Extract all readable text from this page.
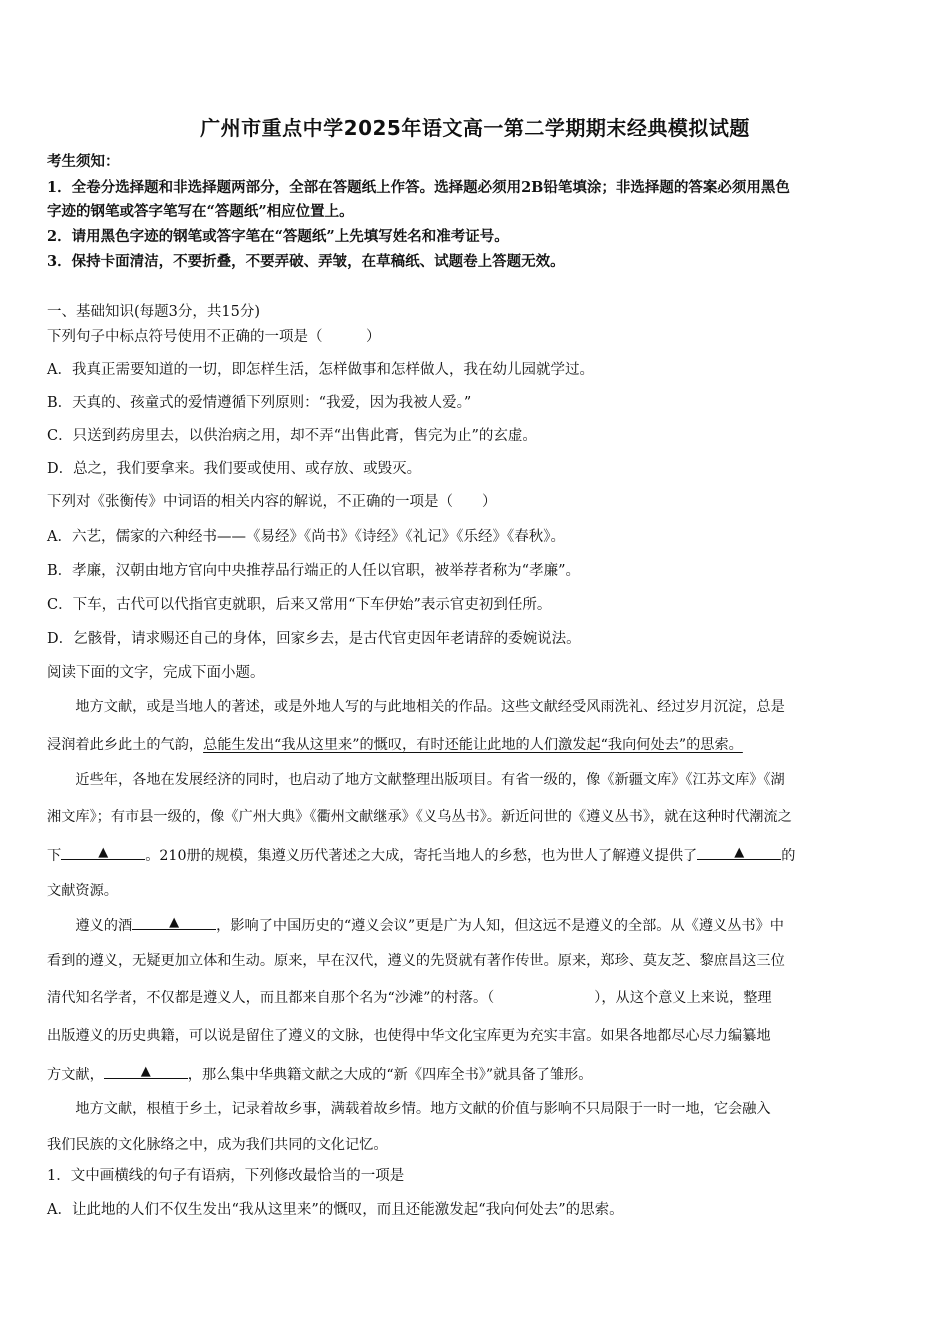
广州市重点中学2025年语文高一第二学期期末经典模拟试题
考生须知：
1．全卷分选择题和非选择题两部分，全部在答题纸上作答。选择题必须用2B铅笔填涂；非选择题的答案必须用黑色
字迹的钢笔或答字笔写在“答题纸”相应位置上。
2．请用黑色字迹的钢笔或答字笔在“答题纸”上先填写姓名和准考证号。
3．保持卡面清洁，不要折叠，不要弄破、弄皱，在草稿纸、试题卷上答题无效。
一、基础知识(每题3分，共15分)
下列句子中标点符号使用不正确的一项是（　　　）
A．我真正需要知道的一切，即怎样生活，怎样做事和怎样做人，我在幼儿园就学过。
B．天真的、孩童式的爱情遵循下列原则：“我爱，因为我被人爱。”
C．只送到药房里去，以供治病之用，却不弄“出售此膏，售完为止”的玄虚。
D．总之，我们要拿来。我们要或使用、或存放、或毁灭。
下列对《张衡传》中词语的相关内容的解说，不正确的一项是（　　）
A．六艺，儒家的六种经书——《易经》《尚书》《诗经》《礼记》《乐经》《春秋》。
B．孝廉，汉朝由地方官向中央推荐品行端正的人任以官职，被举荐者称为“孝廉”。
C．下车，古代可以代指官吏就职，后来又常用“下车伊始”表示官吏初到任所。
D．乞骸骨，请求赐还自己的身体，回家乡去，是古代官吏因年老请辞的委婉说法。
阅读下面的文字，完成下面小题。
　　地方文献，或是当地人的著述，或是外地人写的与此地相关的作品。这些文献经受风雨洗礼、经过岁月沉淀，总是
浸润着此乡此土的气韵，总能生发出“我从这里来”的慨叹，有时还能让此地的人们激发起“我向何处去”的思索。
　　近些年，各地在发展经济的同时，也启动了地方文献整理出版项目。有省一级的，像《新疆文库》《江苏文库》《湖
湘文库》；有市县一级的，像《广州大典》《衢州文献继承》《义乌丛书》。新近问世的《遵义丛书》，就在这种时代潮流之
下	▲	。210册的规模，集遵义历代著述之大成，寄托当地人的乡愁，也为世人了解遵义提供了	▲	的
文献资源。
　　遵义的酒	▲	，影响了中国历史的“遵义会议”更是广为人知，但这远不是遵义的全部。从《遵义丛书》中
看到的遵义，无疑更加立体和生动。原来，早在汉代，遵义的先贤就有著作传世。原来，郑珍、莫友芝、黎庶昌这三位
清代知名学者，不仅都是遵义人，而且都来自那个名为“沙滩”的村落。（	），从这个意义上来说，整理
出版遵义的历史典籍，可以说是留住了遵义的文脉，也使得中华文化宝库更为充实丰富。如果各地都尽心尽力编纂地
方文献，	▲	，那么集中华典籍文献之大成的“新《四库全书》”就具备了雏形。
　　地方文献，根植于乡土，记录着故乡事，满载着故乡情。地方文献的价值与影响不只局限于一时一地，它会融入
我们民族的文化脉络之中，成为我们共同的文化记忆。
1．文中画横线的句子有语病，下列修改最恰当的一项是
A．让此地的人们不仅生发出“我从这里来”的慨叹，而且还能激发起“我向何处去”的思索。
